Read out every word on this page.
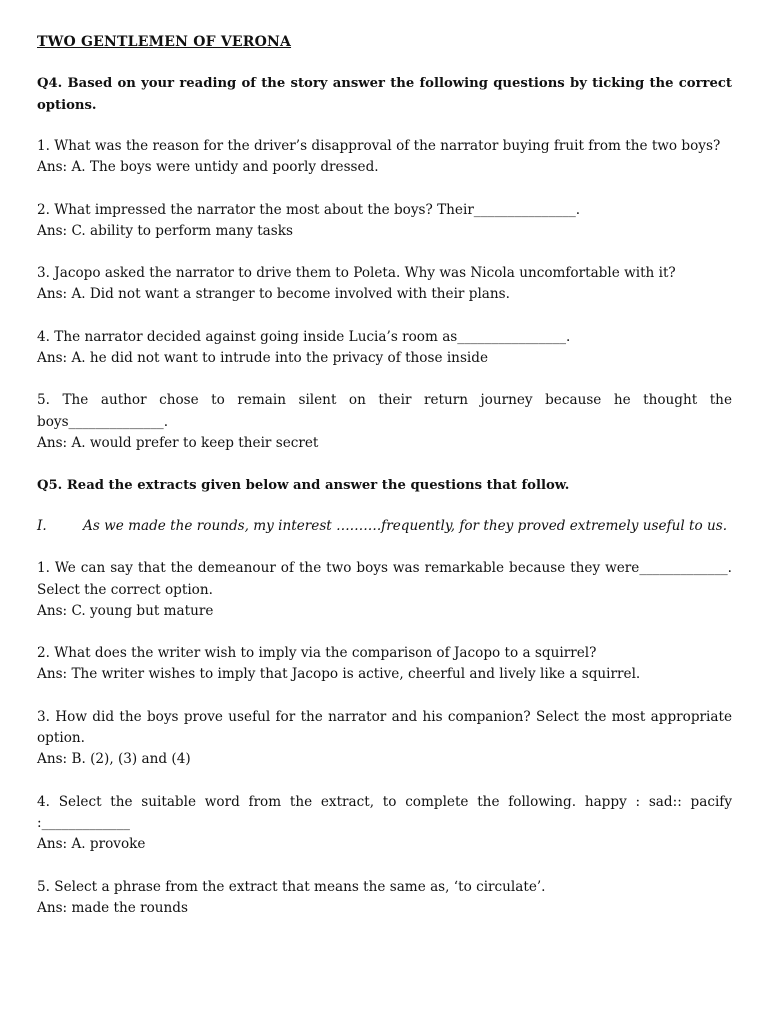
TWO GENTLEMEN OF VERONA

Q4. Based on your reading of the story answer the following questions by ticking the correct options.

1. What was the reason for the driver’s disapproval of the narrator buying fruit from the two boys?

Ans: A. The boys were untidy and poorly dressed.

2. What impressed the narrator the most about the boys? Their_______________.

Ans: C. ability to perform many tasks

3. Jacopo asked the narrator to drive them to Poleta. Why was Nicola uncomfortable with it?

Ans: A. Did not want a stranger to become involved with their plans.

4. The narrator decided against going inside Lucia’s room as________________.

Ans: A. he did not want to intrude into the privacy of those inside

5. The author chose to remain silent on their return journey because he thought the boys______________.

Ans: A. would prefer to keep their secret

Q5. Read the extracts given below and answer the questions that follow.

I.	As we made the rounds, my interest ……….frequently, for they proved extremely useful to us.

1. We can say that the demeanour of the two boys was remarkable because they were_____________. Select the correct option.

Ans: C. young but mature

2. What does the writer wish to imply via the comparison of Jacopo to a squirrel?

Ans: The writer wishes to imply that Jacopo is active, cheerful and lively like a squirrel.

3. How did the boys prove useful for the narrator and his companion? Select the most appropriate option.

Ans: B. (2), (3) and (4)

4. Select the suitable word from the extract, to complete the following. happy : sad:: pacify :_____________

Ans: A. provoke

5. Select a phrase from the extract that means the same as, ‘to circulate’.

Ans: made the rounds
